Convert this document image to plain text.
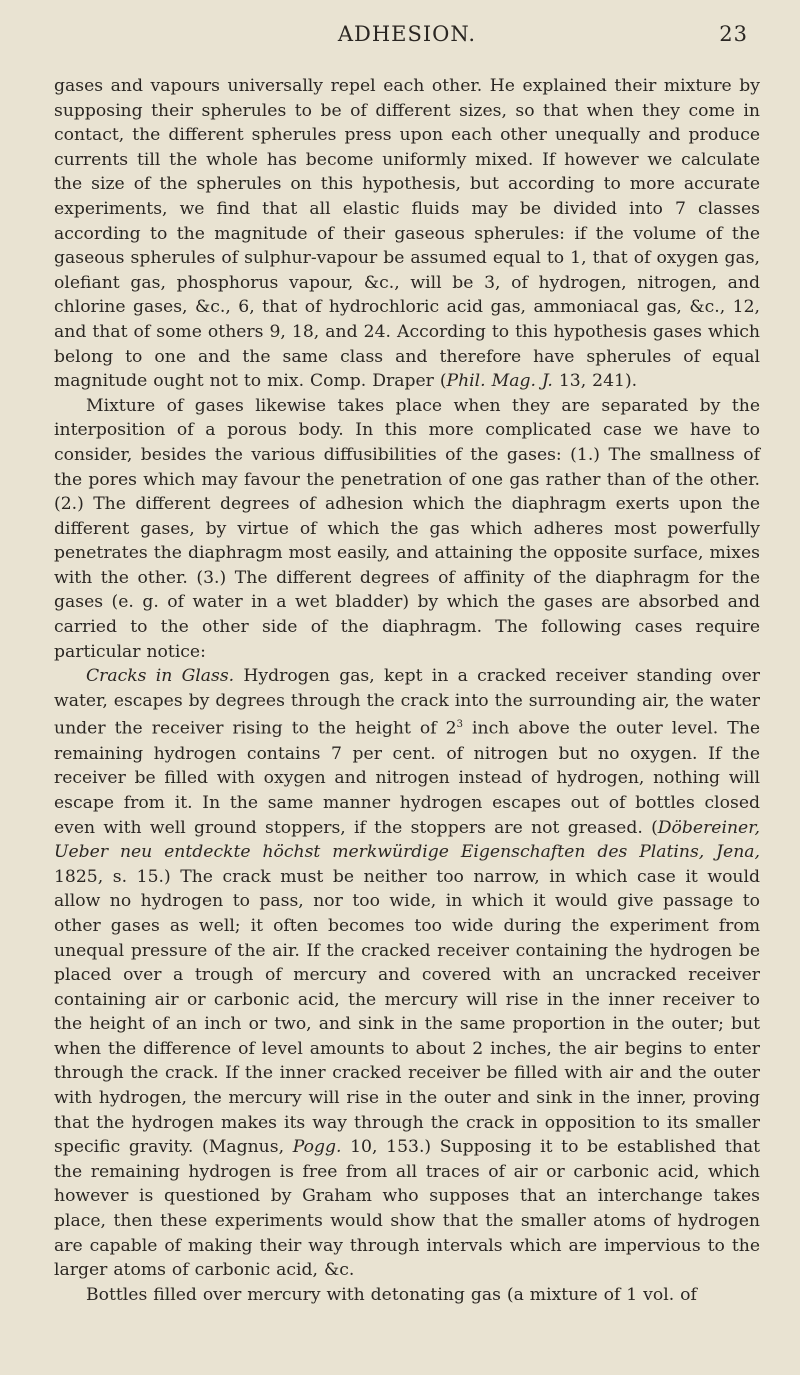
ADHESION.	23

gases and vapours universally repel each other. He explained their mixture by supposing their spherules to be of different sizes, so that when they come in contact, the different spherules press upon each other unequally and produce currents till the whole has become uniformly mixed. If however we calculate the size of the spherules on this hypothesis, but according to more accurate experiments, we find that all elastic fluids may be divided into 7 classes according to the magnitude of their gaseous spherules: if the volume of the gaseous spherules of sulphur-vapour be assumed equal to 1, that of oxygen gas, olefiant gas, phosphorus vapour, &c., will be 3, of hydrogen, nitrogen, and chlorine gases, &c., 6, that of hydrochloric acid gas, ammoniacal gas, &c., 12, and that of some others 9, 18, and 24. According to this hypothesis gases which belong to one and the same class and therefore have spherules of equal magnitude ought not to mix. Comp. Draper (Phil. Mag. J. 13, 241).

Mixture of gases likewise takes place when they are separated by the interposition of a porous body. In this more complicated case we have to consider, besides the various diffusibilities of the gases: (1.) The smallness of the pores which may favour the penetration of one gas rather than of the other. (2.) The different degrees of adhesion which the diaphragm exerts upon the different gases, by virtue of which the gas which adheres most powerfully penetrates the diaphragm most easily, and attaining the opposite surface, mixes with the other. (3.) The different degrees of affinity of the diaphragm for the gases (e. g. of water in a wet bladder) by which the gases are absorbed and carried to the other side of the diaphragm. The following cases require particular notice:

Cracks in Glass. Hydrogen gas, kept in a cracked receiver standing over water, escapes by degrees through the crack into the surrounding air, the water under the receiver rising to the height of $2^3$ inch above the outer level. The remaining hydrogen contains 7 per cent. of nitrogen but no oxygen. If the receiver be filled with oxygen and nitrogen instead of hydrogen, nothing will escape from it. In the same manner hydrogen escapes out of bottles closed even with well ground stoppers, if the stoppers are not greased. (Döbereiner, Ueber neu entdeckte höchst merkwürdige Eigenschaften des Platins, Jena, 1825, s. 15.) The crack must be neither too narrow, in which case it would allow no hydrogen to pass, nor too wide, in which it would give passage to other gases as well; it often becomes too wide during the experiment from unequal pressure of the air. If the cracked receiver containing the hydrogen be placed over a trough of mercury and covered with an uncracked receiver containing air or carbonic acid, the mercury will rise in the inner receiver to the height of an inch or two, and sink in the same proportion in the outer; but when the difference of level amounts to about 2 inches, the air begins to enter through the crack. If the inner cracked receiver be filled with air and the outer with hydrogen, the mercury will rise in the outer and sink in the inner, proving that the hydrogen makes its way through the crack in opposition to its smaller specific gravity. (Magnus, Pogg. 10, 153.) Supposing it to be established that the remaining hydrogen is free from all traces of air or carbonic acid, which however is questioned by Graham who supposes that an interchange takes place, then these experiments would show that the smaller atoms of hydrogen are capable of making their way through intervals which are impervious to the larger atoms of carbonic acid, &c.

Bottles filled over mercury with detonating gas (a mixture of 1 vol. of
